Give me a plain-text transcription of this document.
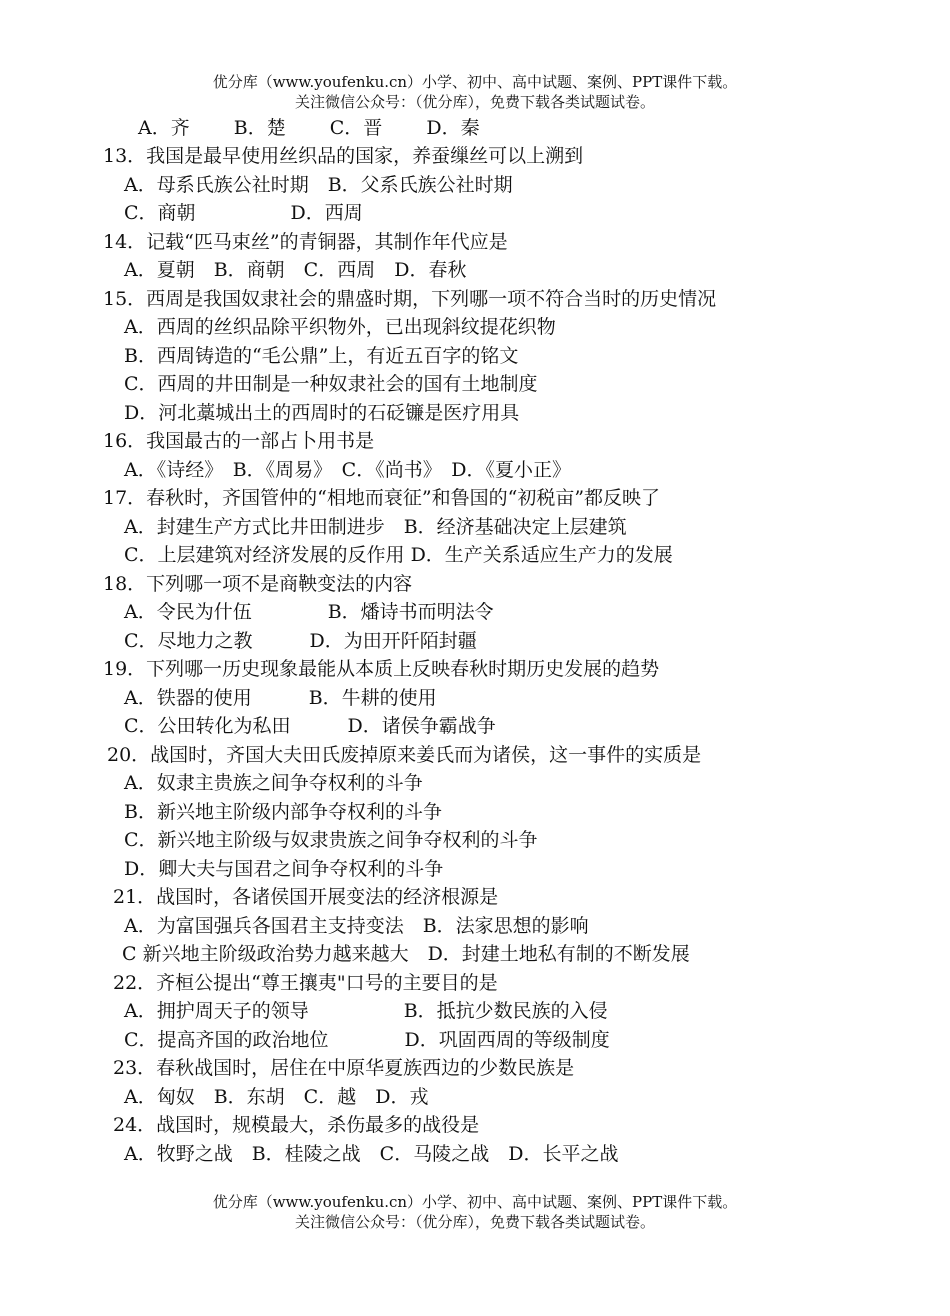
优分库（www.youfenku.cn）小学、初中、高中试题、案例、PPT课件下载。
关注微信公众号：（优分库），免费下载各类试题试卷。
A．齐　　 B．楚　　 C．晋　　 D．秦
13．我国是最早使用丝织品的国家，养蚕缫丝可以上溯到
A．母系氏族公社时期　B．父系氏族公社时期
C．商朝　　　　　D．西周
14．记载“匹马束丝”的青铜器，其制作年代应是
A．夏朝　B．商朝　C．西周　D．春秋
15．西周是我国奴隶社会的鼎盛时期，下列哪一项不符合当时的历史情况
A．西周的丝织品除平织物外，已出现斜纹提花织物
B．西周铸造的“毛公鼎”上，有近五百字的铭文
C．西周的井田制是一种奴隶社会的国有土地制度
D．河北藁城出土的西周时的石砭镰是医疗用具
16．我国最古的一部占卜用书是
A．《诗经》　B．《周易》　C．《尚书》　D．《夏小正》
17．春秋时，齐国管仲的“相地而衰征”和鲁国的“初税亩”都反映了
A．封建生产方式比井田制进步　B．经济基础决定上层建筑
C．上层建筑对经济发展的反作用 D．生产关系适应生产力的发展
18．下列哪一项不是商鞅变法的内容
A．令民为什伍　　　　B．燔诗书而明法令
C．尽地力之教　　　D．为田开阡陌封疆
19．下列哪一历史现象最能从本质上反映春秋时期历史发展的趋势
A．铁器的使用　　　B．牛耕的使用
C．公田转化为私田　　　D．诸侯争霸战争
20．战国时，齐国大夫田氏废掉原来姜氏而为诸侯，这一事件的实质是
A．奴隶主贵族之间争夺权利的斗争
B．新兴地主阶级内部争夺权利的斗争
C．新兴地主阶级与奴隶贵族之间争夺权利的斗争
D．卿大夫与国君之间争夺权利的斗争
21．战国时，各诸侯国开展变法的经济根源是
A．为富国强兵各国君主支持变法　B．法家思想的影响
C 新兴地主阶级政治势力越来越大　D．封建土地私有制的不断发展
22．齐桓公提出“尊王攘夷"口号的主要目的是
A．拥护周天子的领导　　　　　B．抵抗少数民族的入侵
C．提高齐国的政治地位　　　　D．巩固西周的等级制度
23．春秋战国时，居住在中原华夏族西边的少数民族是
A．匈奴　B．东胡　C．越　D．戎
24．战国时，规模最大，杀伤最多的战役是
A．牧野之战　B．桂陵之战　C．马陵之战　D．长平之战
优分库（www.youfenku.cn）小学、初中、高中试题、案例、PPT课件下载。
关注微信公众号：（优分库），免费下载各类试题试卷。
